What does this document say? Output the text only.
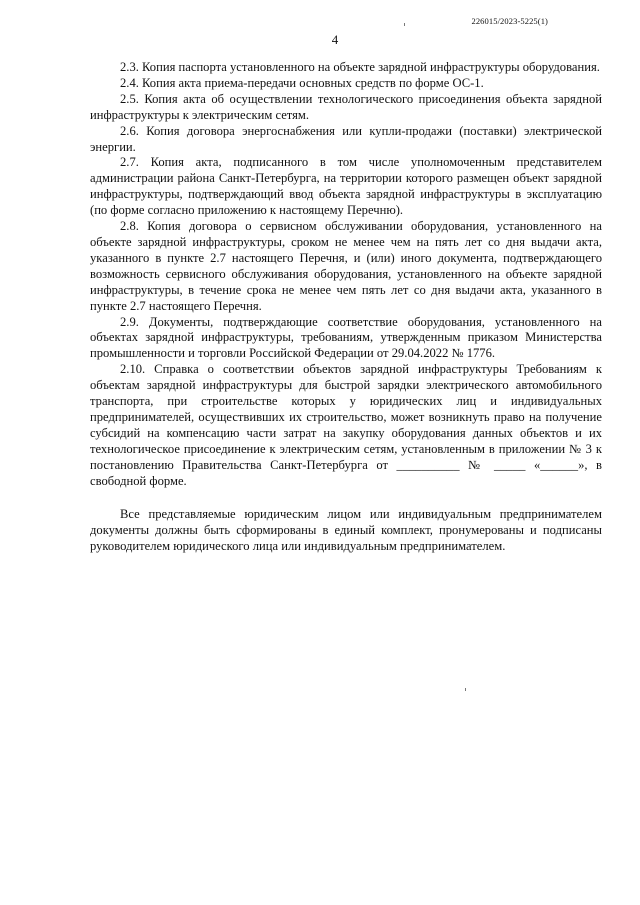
226015/2023-5225(1)
4

2.3. Копия паспорта установленного на объекте зарядной инфраструктуры оборудования.

2.4. Копия акта приема-передачи основных средств по форме ОС-1.

2.5. Копия акта об осуществлении технологического присоединения объекта зарядной инфраструктуры к электрическим сетям.

2.6. Копия договора энергоснабжения или купли-продажи (поставки) электрической энергии.

2.7. Копия акта, подписанного в том числе уполномоченным представителем администрации района Санкт-Петербурга, на территории которого размещен объект зарядной инфраструктуры, подтверждающий ввод объекта зарядной инфраструктуры в эксплуатацию (по форме согласно приложению к настоящему Перечню).

2.8. Копия договора о сервисном обслуживании оборудования, установленного на объекте зарядной инфраструктуры, сроком не менее чем на пять лет со дня выдачи акта, указанного в пункте 2.7 настоящего Перечня, и (или) иного документа, подтверждающего возможность сервисного обслуживания оборудования, установленного на объекте зарядной инфраструктуры, в течение срока не менее чем пять лет со дня выдачи акта, указанного в пункте 2.7 настоящего Перечня.

2.9. Документы, подтверждающие соответствие оборудования, установленного на объектах зарядной инфраструктуры, требованиям, утвержденным приказом Министерства промышленности и торговли Российской Федерации от 29.04.2022 № 1776.

2.10. Справка о соответствии объектов зарядной инфраструктуры Требованиям к объектам зарядной инфраструктуры для быстрой зарядки электрического автомобильного транспорта, при строительстве которых у юридических лиц и индивидуальных предпринимателей, осуществивших их строительство, может возникнуть право на получение субсидий на компенсацию части затрат на закупку оборудования данных объектов и их технологическое присоединение к электрическим сетям, установленным в приложении № 3 к постановлению Правительства Санкт-Петербурга от __________ № _____ «______», в свободной форме.

Все представляемые юридическим лицом или индивидуальным предпринимателем документы должны быть сформированы в единый комплект, пронумерованы и подписаны руководителем юридического лица или индивидуальным предпринимателем.
